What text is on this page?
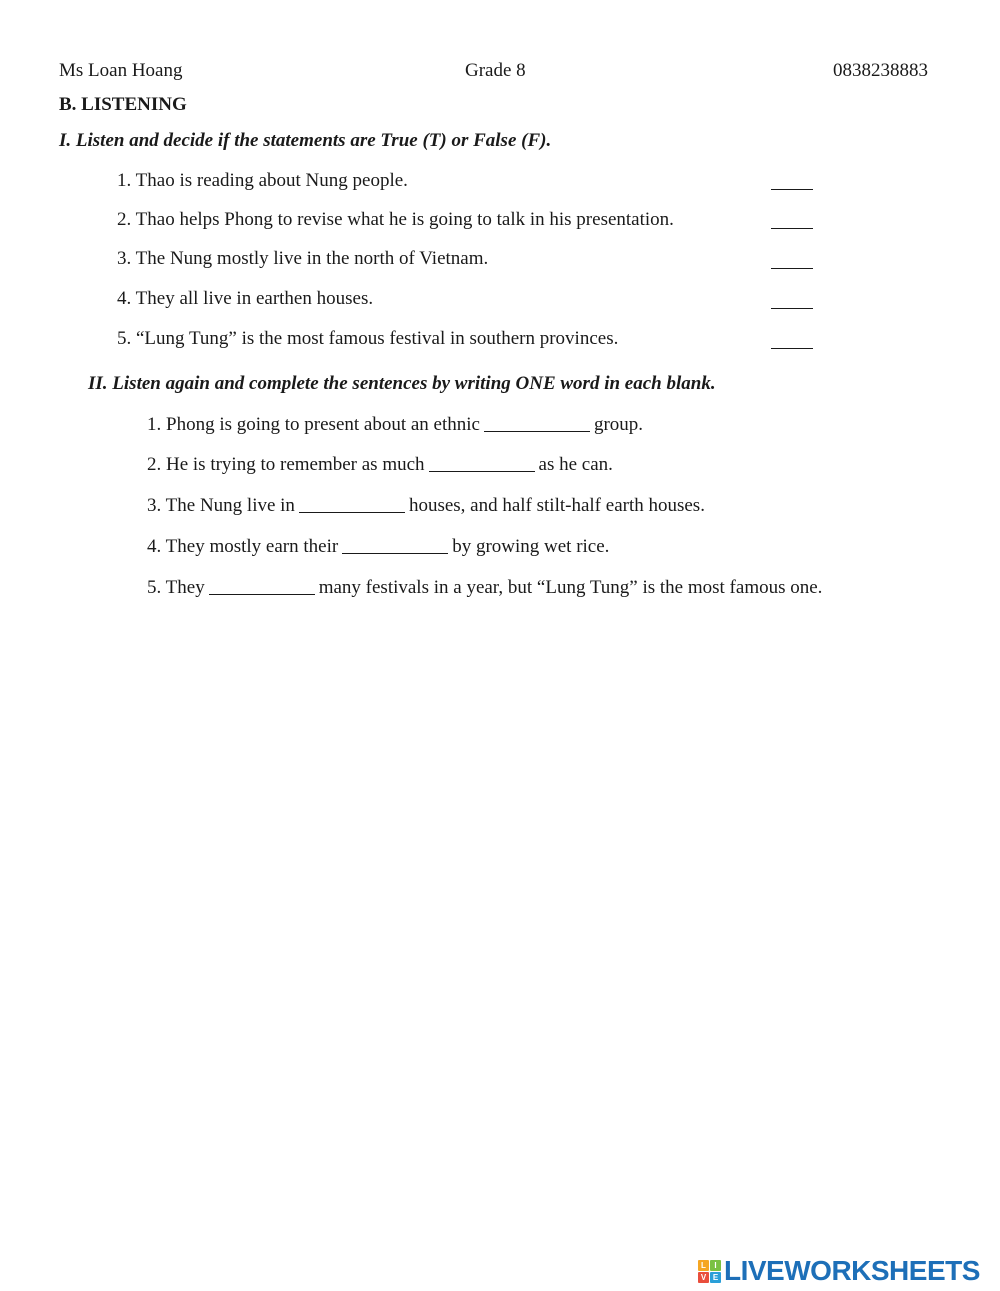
Ms Loan Hoang	Grade 8	0838238883
B. LISTENING
I. Listen and decide if the statements are True (T) or False (F).
1. Thao is reading about Nung people.
2. Thao helps Phong to revise what he is going to talk in his presentation.
3. The Nung mostly live in the north of Vietnam.
4. They all live in earthen houses.
5. “Lung Tung” is the most famous festival in southern provinces.
II. Listen again and complete the sentences by writing ONE word in each blank.
1. Phong is going to present about an ethnic	group.
2. He is trying to remember as much	as he can.
3. The Nung live in	houses, and half stilt-half earth houses.
4. They mostly earn their	by growing wet rice.
5. They	many festivals in a year, but “Lung Tung” is the most famous one.
L	I
V E LIVEWORKSHEETS
